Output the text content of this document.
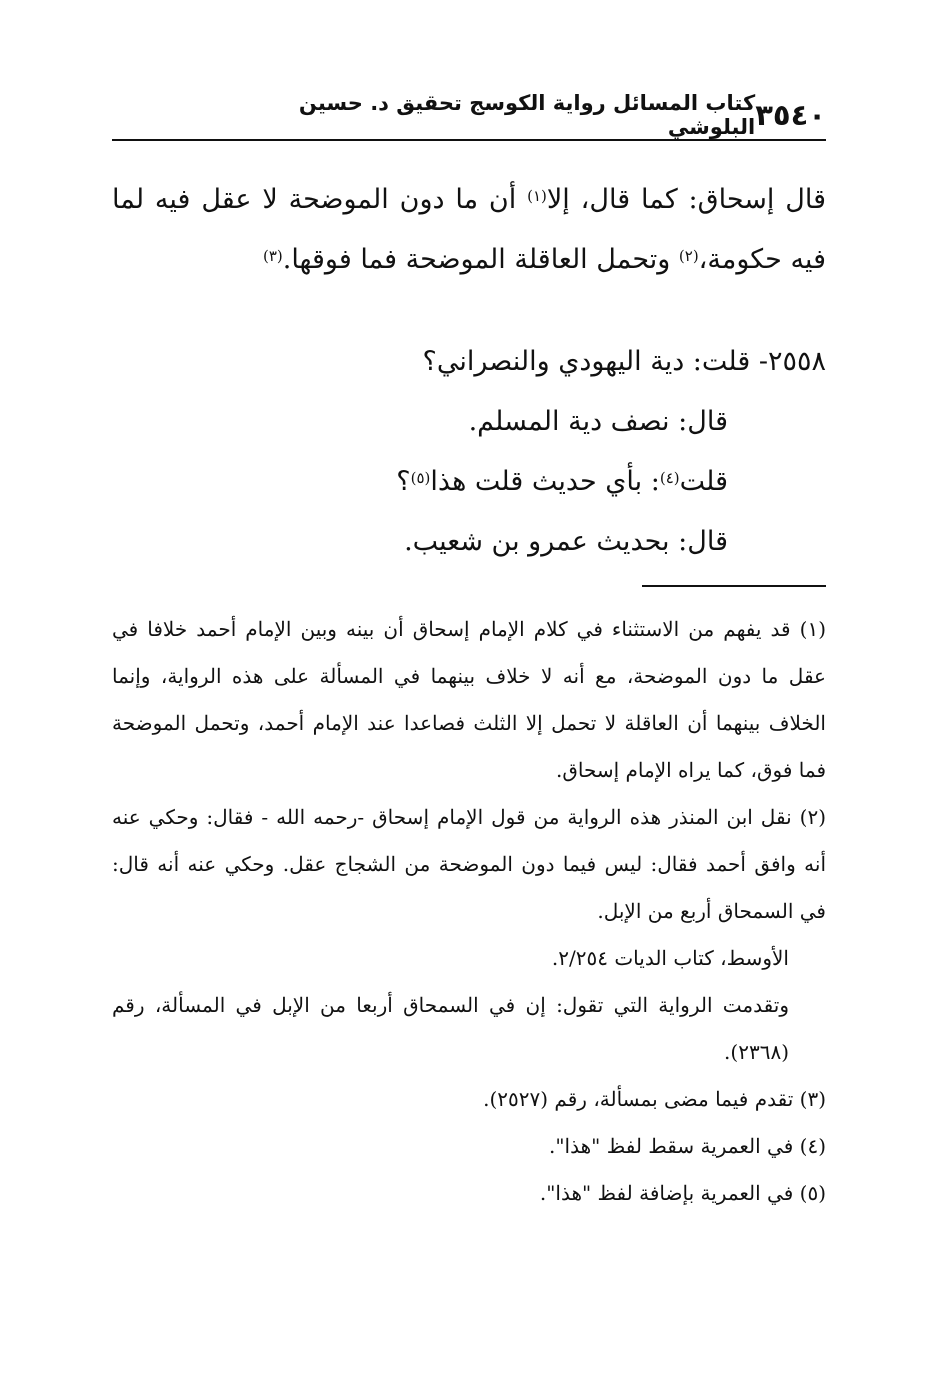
٣٥٤٠
كتاب المسائل رواية الكوسج تحقيق د. حسين البلوشي

قال إسحاق: كما قال، إلا$^{(١)}$ أن ما دون الموضحة لا عقل فيه لما فيه حكومة،$^{(٢)}$ وتحمل العاقلة الموضحة فما فوقها.$^{(٣)}$

٢٥٥٨- قلت: دية اليهودي والنصراني؟

قال: نصف دية المسلم.

قلت$^{(٤)}$: بأي حديث قلت هذا$^{(٥)}$؟

قال: بحديث عمرو بن شعيب.

(١) قد يفهم من الاستثناء في كلام الإمام إسحاق أن بينه وبين الإمام أحمد خلافا في عقل ما دون الموضحة، مع أنه لا خلاف بينهما في المسألة على هذه الرواية، وإنما الخلاف بينهما أن العاقلة لا تحمل إلا الثلث فصاعدا عند الإمام أحمد، وتحمل الموضحة فما فوق، كما يراه الإمام إسحاق.

(٢) نقل ابن المنذر هذه الرواية من قول الإمام إسحاق -رحمه الله - فقال: وحكي عنه أنه وافق أحمد فقال: ليس فيما دون الموضحة من الشجاج عقل. وحكي عنه أنه قال: في السمحاق أربع من الإبل.

الأوسط، كتاب الديات ٢/٢٥٤.

وتقدمت الرواية التي تقول: إن في السمحاق أربعا من الإبل في المسألة، رقم (٢٣٦٨).

(٣) تقدم فيما مضى بمسألة، رقم (٢٥٢٧).

(٤) في العمرية سقط لفظ "هذا".

(٥) في العمرية بإضافة لفظ "هذا".
